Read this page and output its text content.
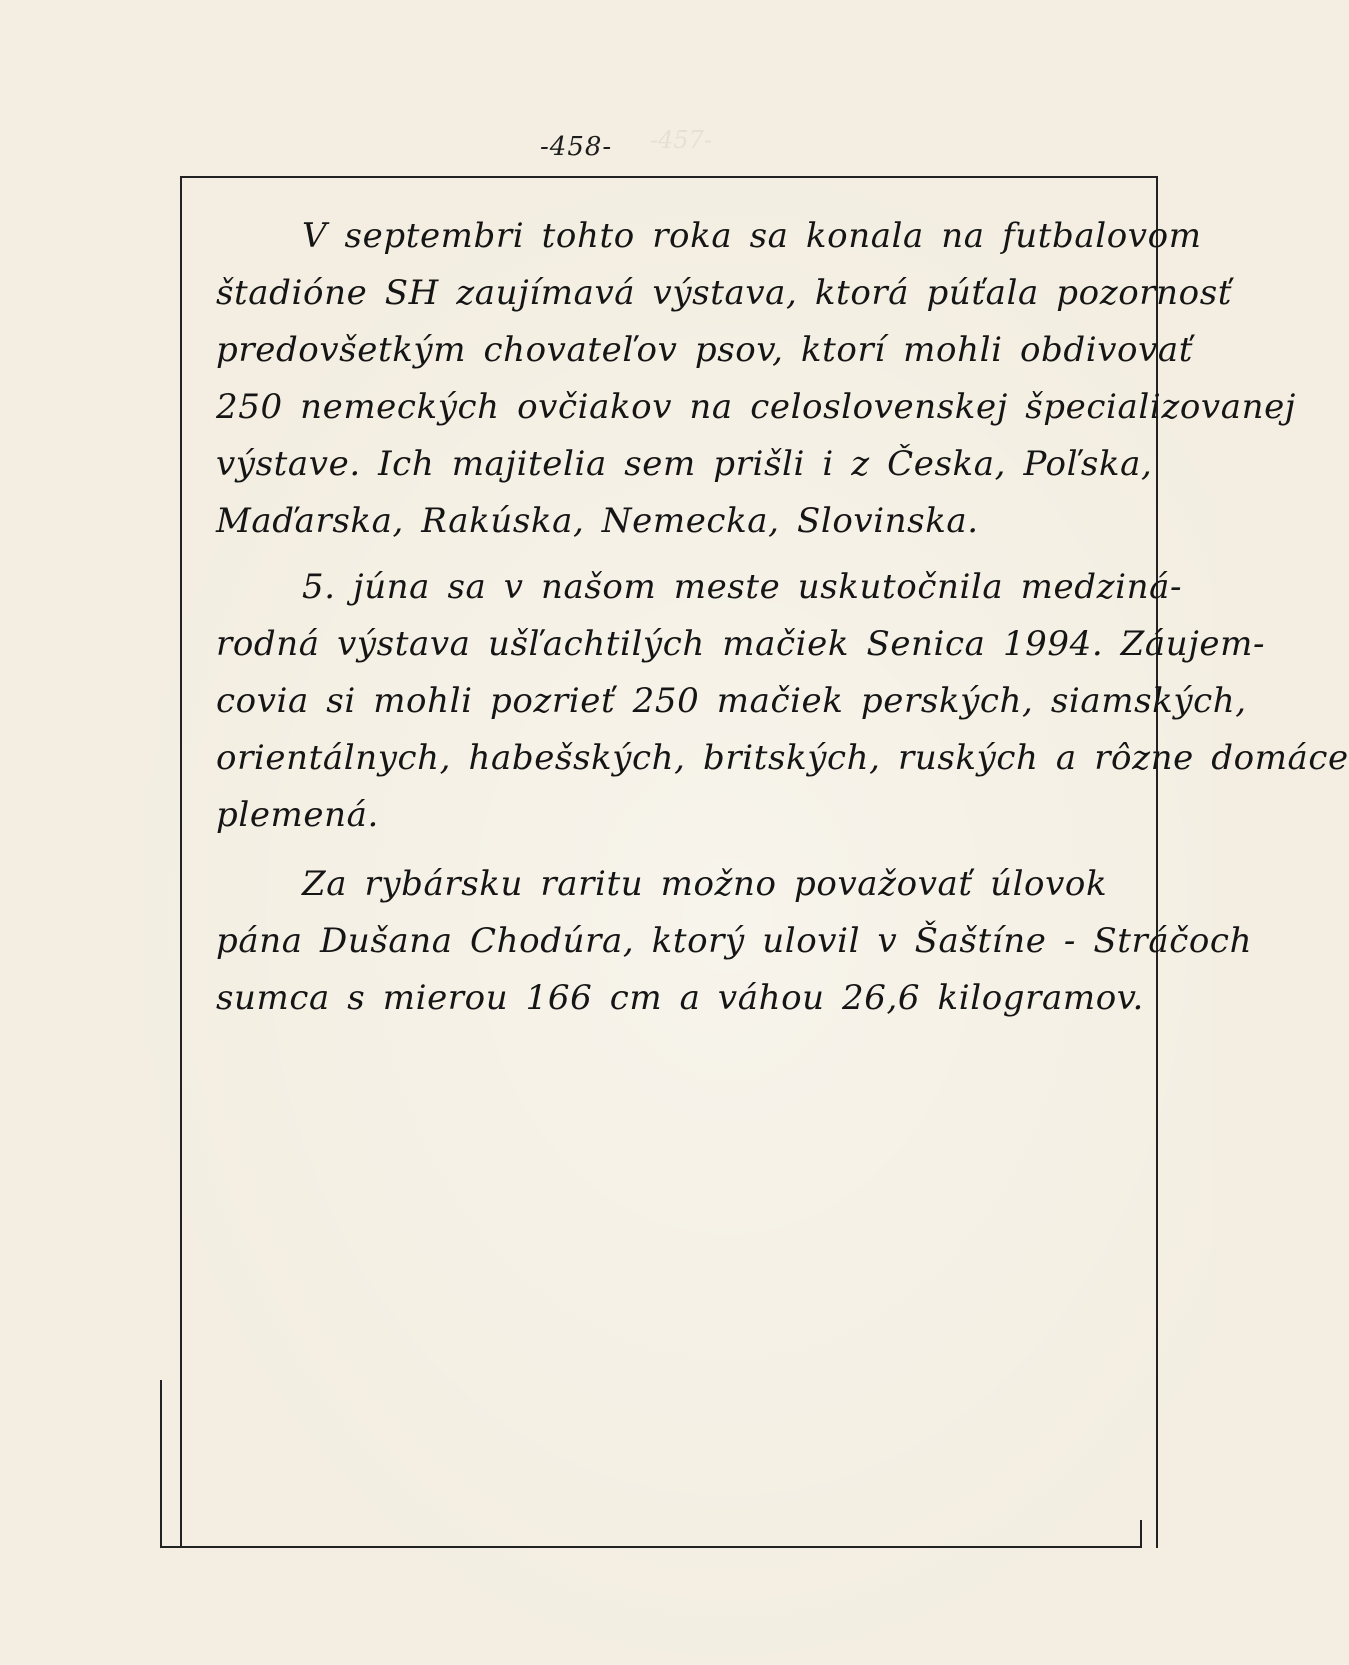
-457-
-458-
V septembri tohto roka sa konala na futbalovom
štadióne SH zaujímavá výstava, ktorá púťala pozornosť
predovšetkým chovateľov psov, ktorí mohli obdivovať
250 nemeckých ovčiakov na celoslovenskej špecializovanej
výstave. Ich majitelia sem prišli i z Česka, Poľska,
Maďarska, Rakúska, Nemecka, Slovinska.
5. júna sa v našom meste uskutočnila medziná-
rodná výstava ušľachtilých mačiek Senica 1994. Záujem-
covia si mohli pozrieť 250 mačiek perských, siamských,
orientálnych, habešských, britských, ruských a rôzne domáce
plemená.
Za rybársku raritu možno považovať úlovok
pána Dušana Chodúra, ktorý ulovil v Šaštíne - Stráčoch
sumca s mierou 166 cm a váhou 26,6 kilogramov.
